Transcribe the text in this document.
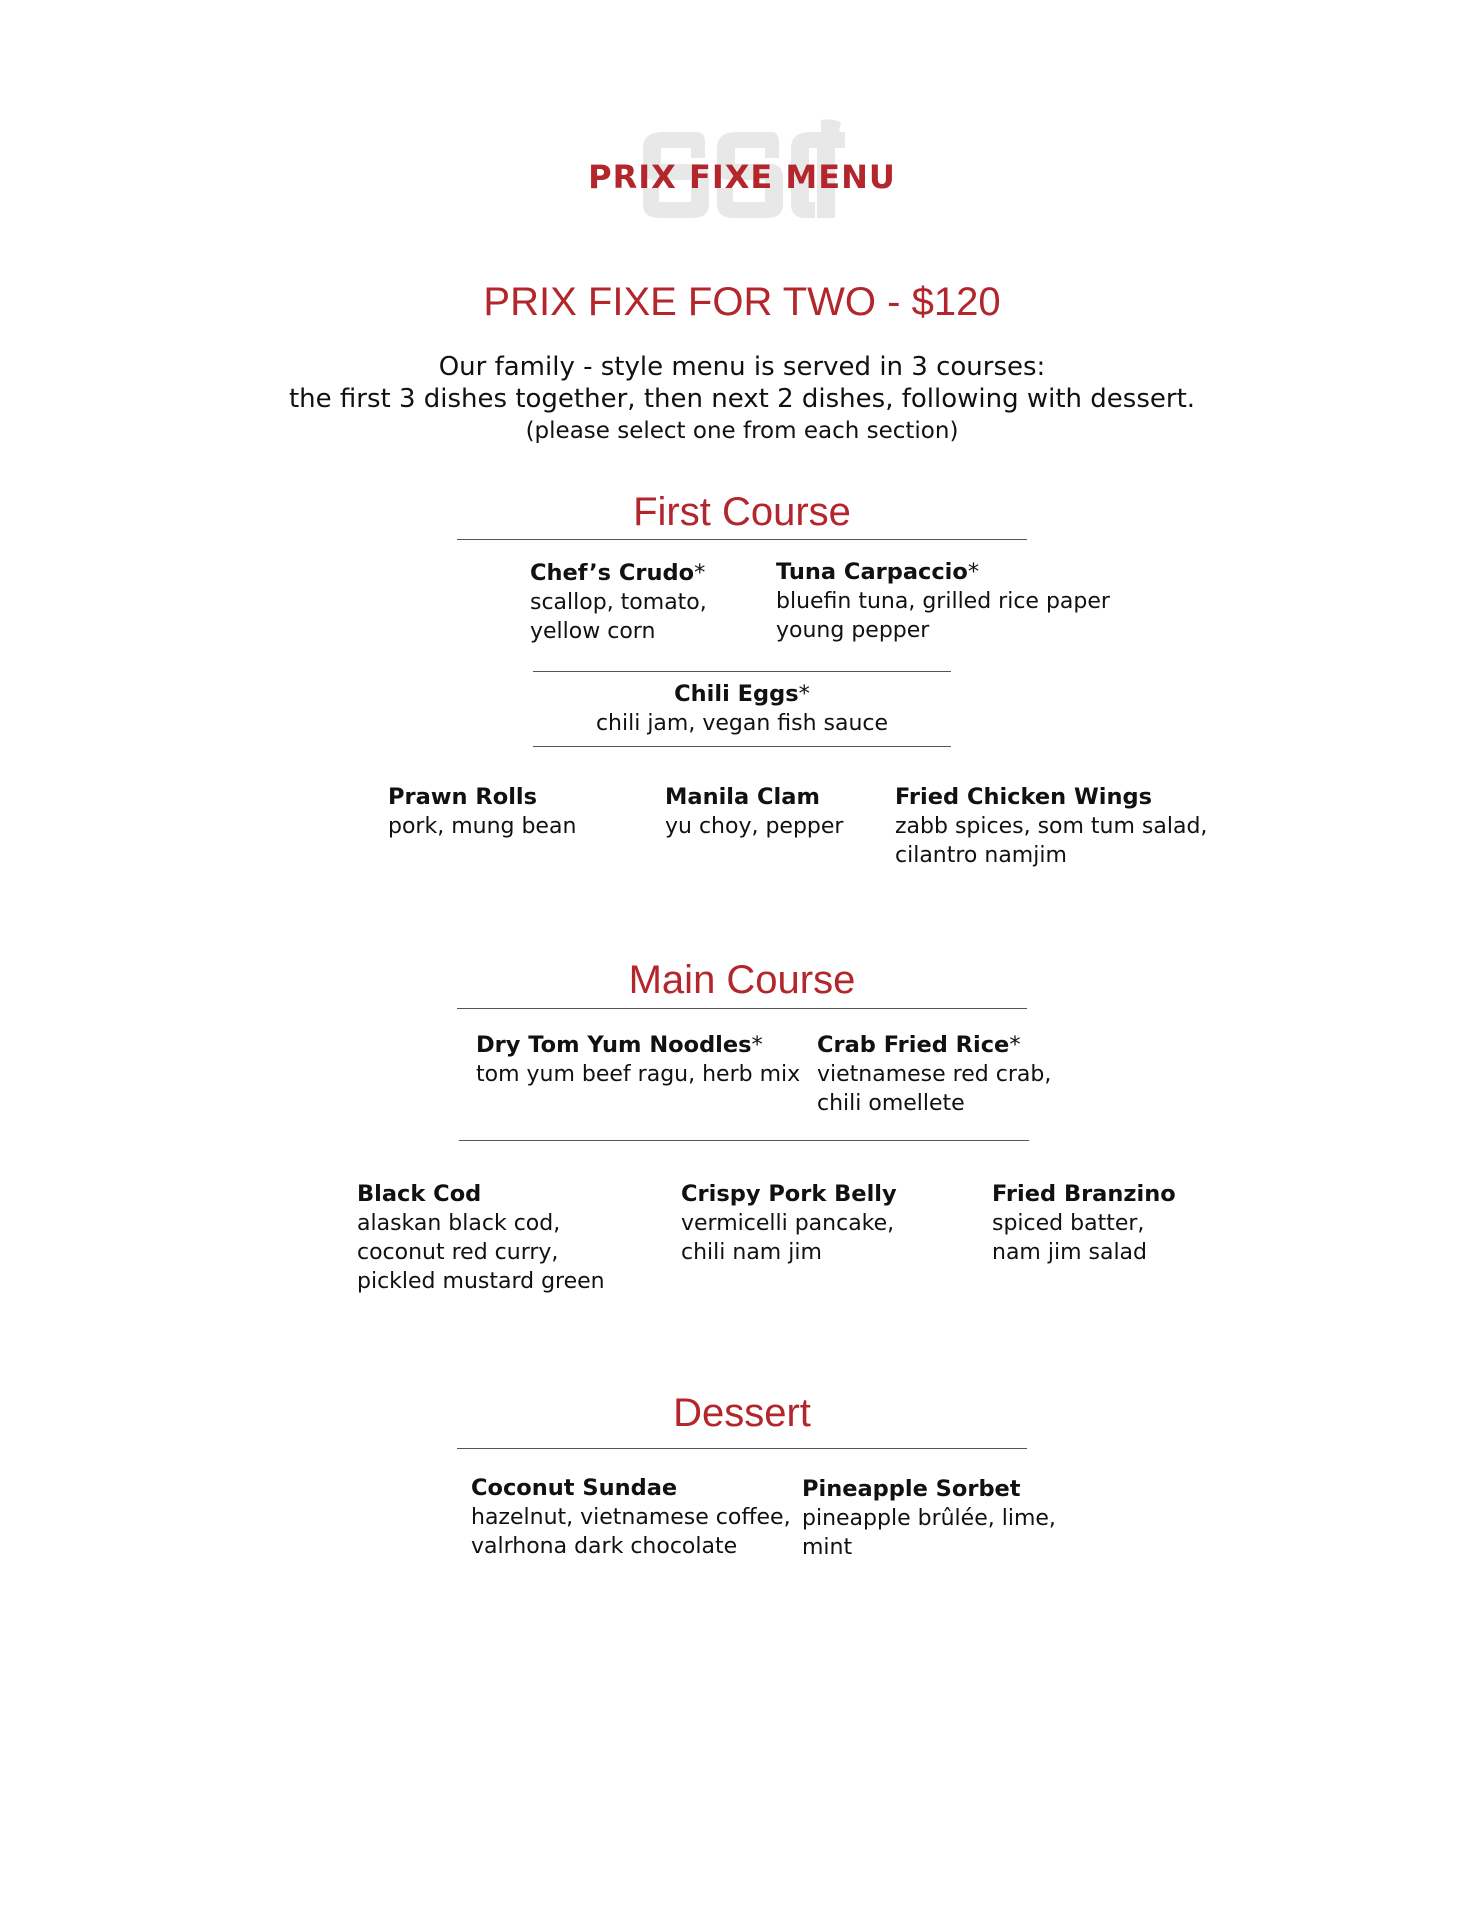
PRIX FIXE MENU
PRIX FIXE FOR TWO - $120
Our family - style menu is served in 3 courses:
the first 3 dishes together, then next 2 dishes, following with dessert.
(please select one from each section)
First Course
Chef’s Crudo*
scallop, tomato,
yellow corn
Tuna Carpaccio*
bluefin tuna, grilled rice paper
young pepper
Chili Eggs*
chili jam, vegan fish sauce
Prawn Rolls
pork, mung bean
Manila Clam
yu choy, pepper
Fried Chicken Wings
zabb spices, som tum salad,
cilantro namjim
Main Course
Dry Tom Yum Noodles*
tom yum beef ragu, herb mix
Crab Fried Rice*
vietnamese red crab,
chili omellete
Black Cod
alaskan black cod,
coconut red curry,
pickled mustard green
Crispy Pork Belly
vermicelli pancake,
chili nam jim
Fried Branzino
spiced batter,
nam jim salad
Dessert
Coconut Sundae
hazelnut, vietnamese coffee,
valrhona dark chocolate
Pineapple Sorbet
pineapple brûlée, lime,
mint
